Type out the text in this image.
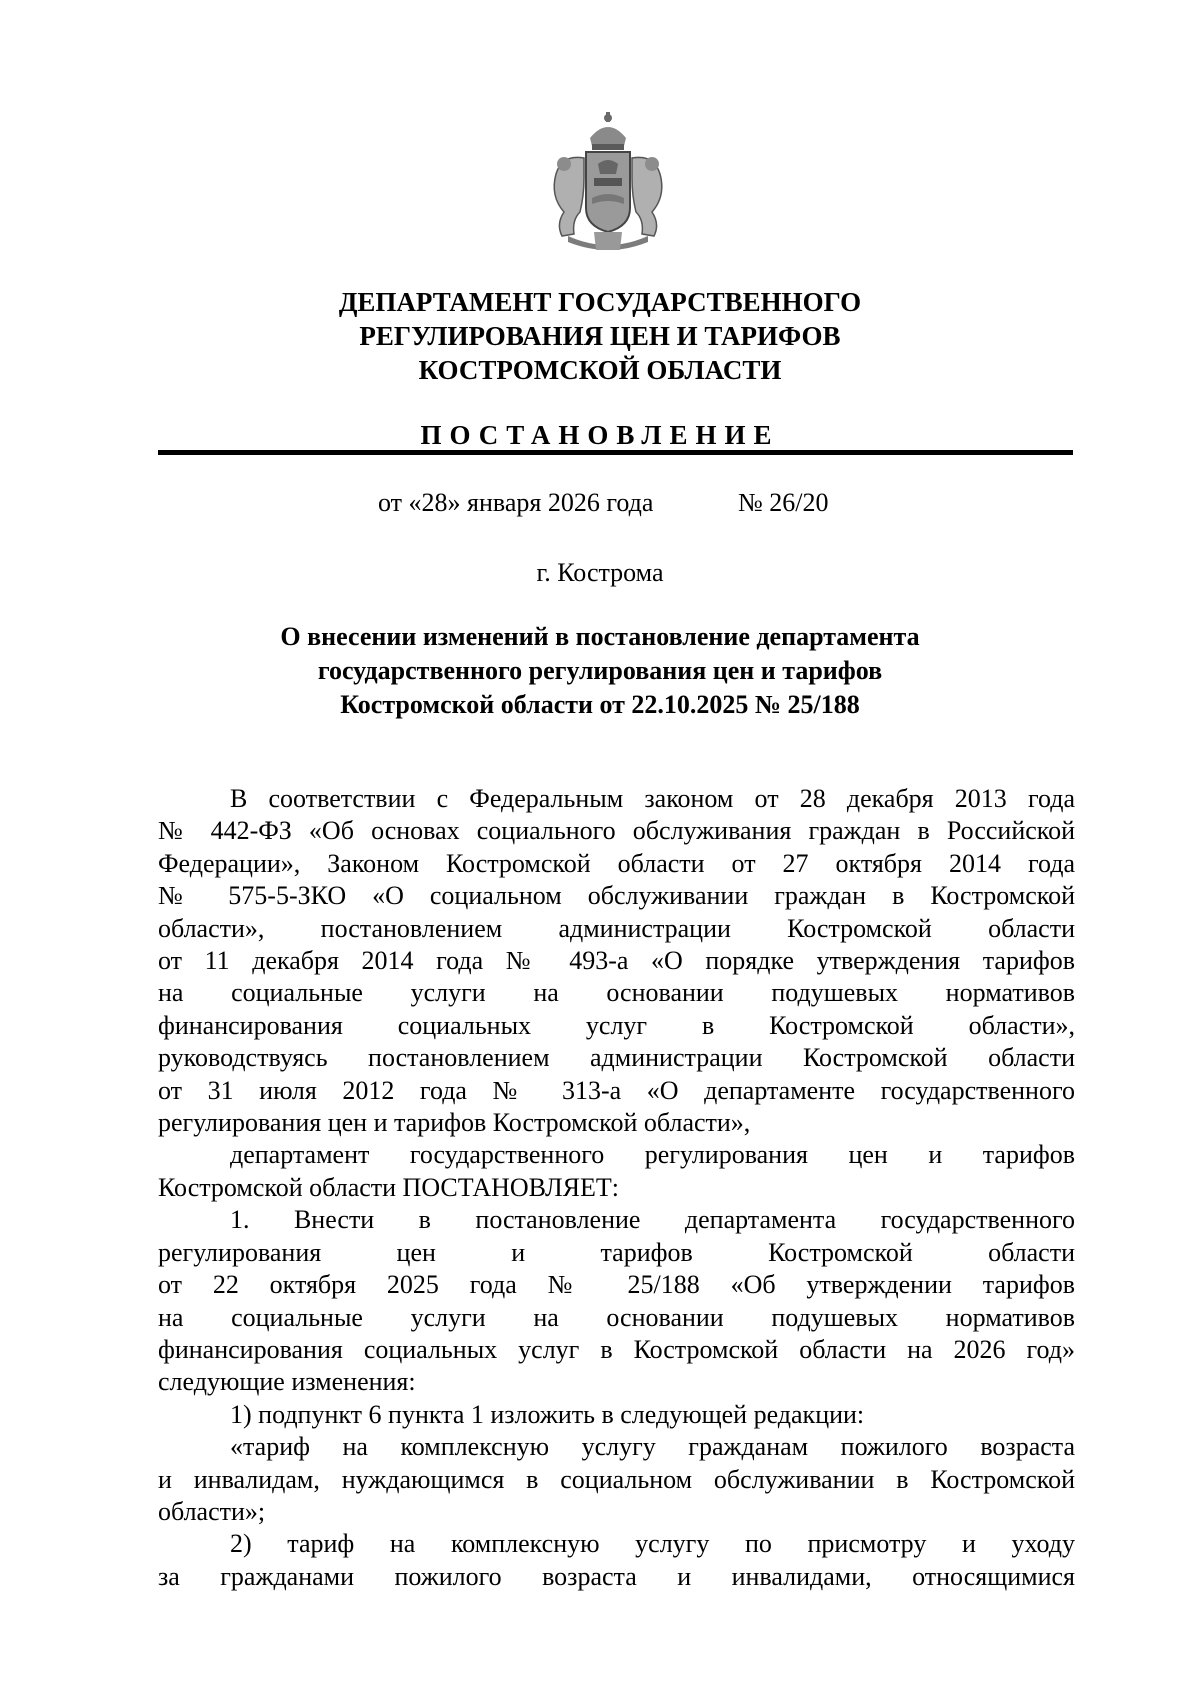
ДЕПАРТАМЕНТ ГОСУДАРСТВЕННОГО
РЕГУЛИРОВАНИЯ ЦЕН И ТАРИФОВ
КОСТРОМСКОЙ ОБЛАСТИ
ПОСТАНОВЛЕНИЕ
от «28» января 2026 года	№ 26/20
г. Кострома
О внесении изменений в постановление департамента
государственного регулирования цен и тарифов
Костромской области от 22.10.2025 № 25/188

В соответствии с Федеральным законом от 28 декабря 2013 года
№ 442-ФЗ «Об основах социального обслуживания граждан в Российской
Федерации», Законом Костромской области от 27 октября 2014 года
№ 575-5-ЗКО «О социальном обслуживании граждан в Костромской
области», постановлением администрации Костромской области
от 11 декабря 2014 года № 493-а «О порядке утверждения тарифов
на социальные услуги на основании подушевых нормативов
финансирования социальных услуг в Костромской области»,
руководствуясь постановлением администрации Костромской области
от 31 июля 2012 года № 313-а «О департаменте государственного
регулирования цен и тарифов Костромской области»,

департамент государственного регулирования цен и тарифов
Костромской области ПОСТАНОВЛЯЕТ:

1. Внести в постановление департамента государственного
регулирования цен и тарифов Костромской области
от 22 октября 2025 года № 25/188 «Об утверждении тарифов
на социальные услуги на основании подушевых нормативов
финансирования социальных услуг в Костромской области на 2026 год»
следующие изменения:

1) подпункт 6 пункта 1 изложить в следующей редакции:

«тариф на комплексную услугу гражданам пожилого возраста
и инвалидам, нуждающимся в социальном обслуживании в Костромской
области»;

2) тариф на комплексную услугу по присмотру и уходу
за гражданами пожилого возраста и инвалидами, относящимися
